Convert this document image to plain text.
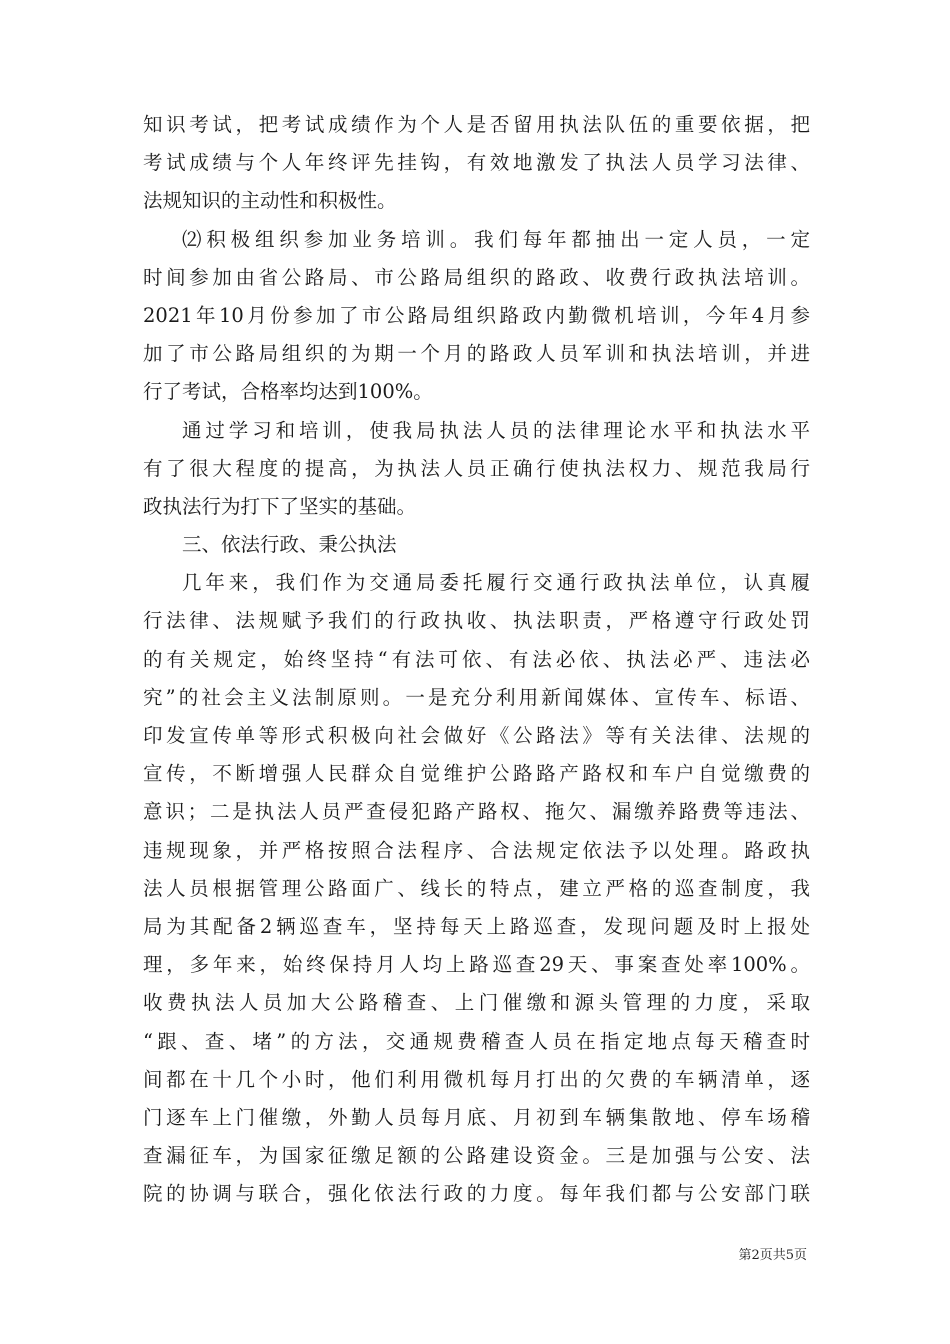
知识考试，把考试成绩作为个人是否留用执法队伍的重要依据，把
考试成绩与个人年终评先挂钩，有效地激发了执法人员学习法律、
法规知识的主动性和积极性。
⑵积极组织参加业务培训。我们每年都抽出一定人员，一定
时间参加由省公路局、市公路局组织的路政、收费行政执法培训。
2021年10月份参加了市公路局组织路政内勤微机培训，今年4月参
加了市公路局组织的为期一个月的路政人员军训和执法培训，并进
行了考试，合格率均达到100%。
通过学习和培训，使我局执法人员的法律理论水平和执法水平
有了很大程度的提高，为执法人员正确行使执法权力、规范我局行
政执法行为打下了坚实的基础。
三、依法行政、秉公执法
几年来，我们作为交通局委托履行交通行政执法单位，认真履
行法律、法规赋予我们的行政执收、执法职责，严格遵守行政处罚
的有关规定，始终坚持“有法可依、有法必依、执法必严、违法必
究”的社会主义法制原则。一是充分利用新闻媒体、宣传车、标语、
印发宣传单等形式积极向社会做好《公路法》等有关法律、法规的
宣传，不断增强人民群众自觉维护公路路产路权和车户自觉缴费的
意识；二是执法人员严查侵犯路产路权、拖欠、漏缴养路费等违法、
违规现象，并严格按照合法程序、合法规定依法予以处理。路政执
法人员根据管理公路面广、线长的特点，建立严格的巡查制度，我
局为其配备2辆巡查车，坚持每天上路巡查，发现问题及时上报处
理，多年来，始终保持月人均上路巡查29天、事案查处率100%。
收费执法人员加大公路稽查、上门催缴和源头管理的力度，采取
“跟、查、堵”的方法，交通规费稽查人员在指定地点每天稽查时
间都在十几个小时，他们利用微机每月打出的欠费的车辆清单，逐
门逐车上门催缴，外勤人员每月底、月初到车辆集散地、停车场稽
查漏征车，为国家征缴足额的公路建设资金。三是加强与公安、法
院的协调与联合，强化依法行政的力度。每年我们都与公安部门联
第2页共5页
